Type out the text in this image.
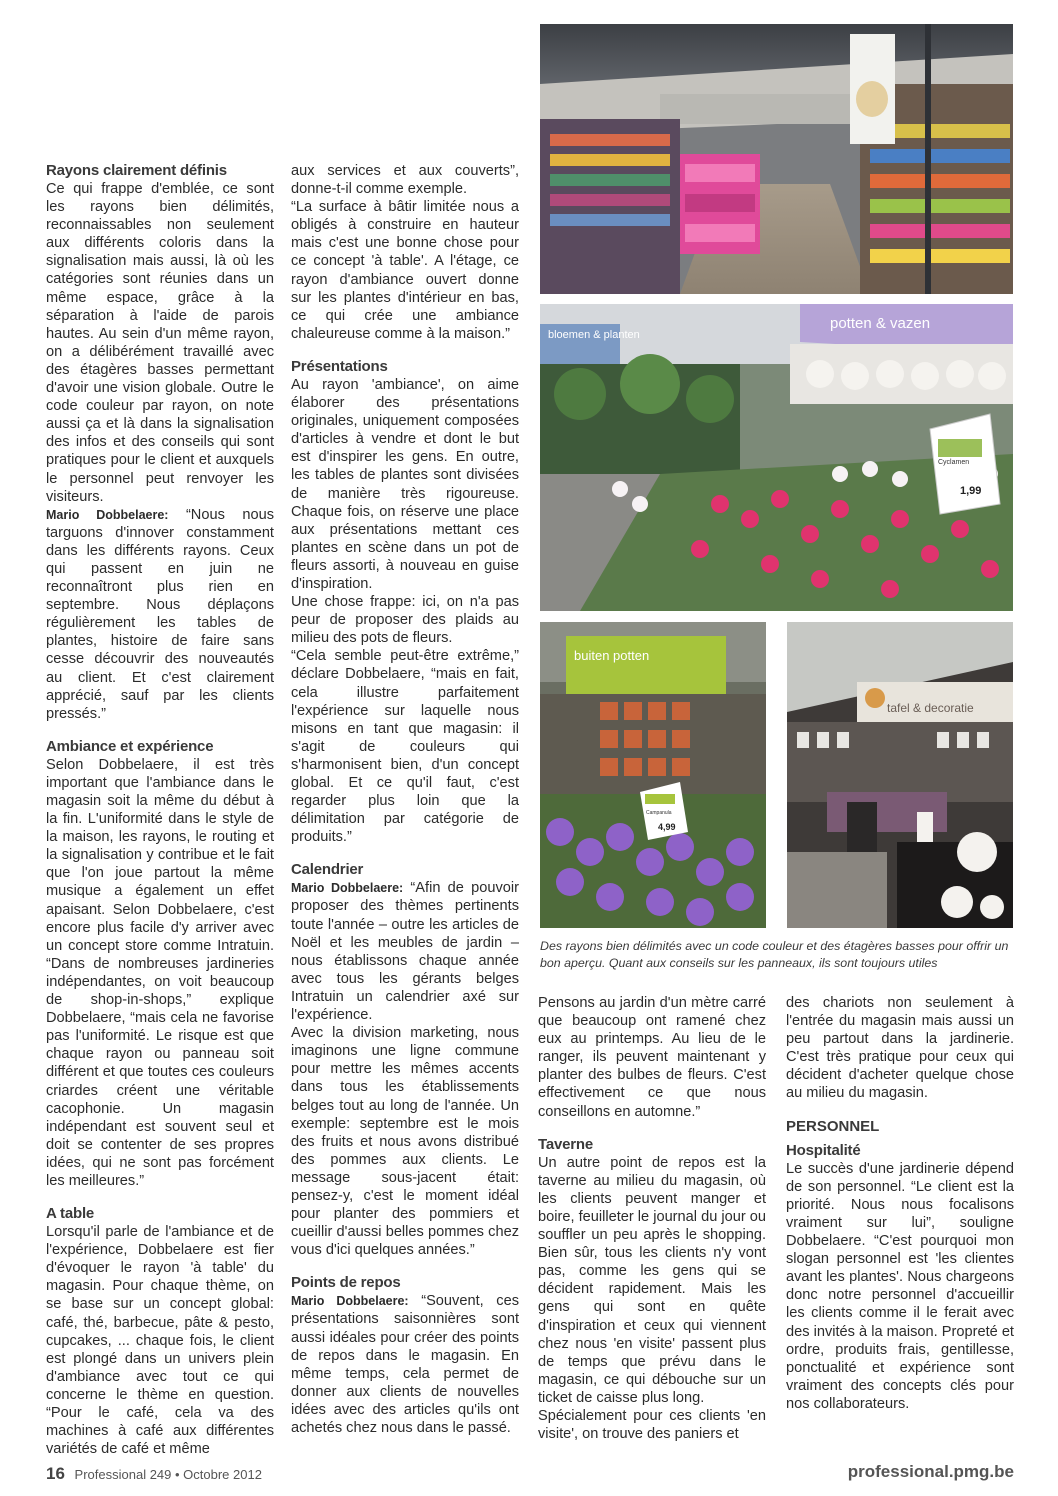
Rayons clairement définis

Ce qui frappe d'emblée, ce sont les rayons bien délimités, reconnaissables non seulement aux différents coloris dans la signalisation mais aussi, là où les catégories sont réunies dans un même espace, grâce à la séparation à l'aide de parois hautes. Au sein d'un même rayon, on a délibérément travaillé avec des étagères basses permettant d'avoir une vision globale. Outre le code couleur par rayon, on note aussi ça et là dans la signalisation des infos et des conseils qui sont pratiques pour le client et auxquels le personnel peut renvoyer les visiteurs.

Mario Dobbelaere: “Nous nous targuons d'innover constamment dans les différents rayons. Ceux qui passent en juin ne reconnaîtront plus rien en septembre. Nous déplaçons régulièrement les tables de plantes, histoire de faire sans cesse découvrir des nouveautés au client. Et c'est clairement apprécié, sauf par les clients pressés.”

Ambiance et expérience

Selon Dobbelaere, il est très important que l'ambiance dans le magasin soit la même du début à la fin. L'uniformité dans le style de la maison, les rayons, le routing et la signalisation y contribue et le fait que l'on joue partout la même musique a également un effet apaisant. Selon Dobbelaere, c'est encore plus facile d'y arriver avec un concept store comme Intratuin. “Dans de nombreuses jardineries indépendantes, on voit beaucoup de shop-in-shops,” explique Dobbelaere, “mais cela ne favorise pas l'uniformité. Le risque est que chaque rayon ou panneau soit différent et que toutes ces couleurs criardes créent une véritable cacophonie. Un magasin indépendant est souvent seul et doit se contenter de ses propres idées, qui ne sont pas forcément les meilleures.”

A table

Lorsqu'il parle de l'ambiance et de l'expérience, Dobbelaere est fier d'évoquer le rayon 'à table' du magasin. Pour chaque thème, on se base sur un concept global: café, thé, barbecue, pâte & pesto, cupcakes, ... chaque fois, le client est plongé dans un univers plein d'ambiance avec tout ce qui concerne le thème en question. “Pour le café, cela va des machines à café aux différentes variétés de café et même

aux services et aux couverts”, donne-t-il comme exemple.

“La surface à bâtir limitée nous a obligés à construire en hauteur mais c'est une bonne chose pour ce concept 'à table'. A l'étage, ce rayon d'ambiance ouvert donne sur les plantes d'intérieur en bas, ce qui crée une ambiance chaleureuse comme à la maison.”

Présentations

Au rayon 'ambiance', on aime élaborer des présentations originales, uniquement composées d'articles à vendre et dont le but est d'inspirer les gens. En outre, les tables de plantes sont divisées de manière très rigoureuse. Chaque fois, on réserve une place aux présentations mettant ces plantes en scène dans un pot de fleurs assorti, à nouveau en guise d'inspiration.

Une chose frappe: ici, on n'a pas peur de proposer des plaids au milieu des pots de fleurs.

“Cela semble peut-être extrême,” déclare Dobbelaere, “mais en fait, cela illustre parfaitement l'expérience sur laquelle nous misons en tant que magasin: il s'agit de couleurs qui s'harmonisent bien, d'un concept global. Et ce qu'il faut, c'est regarder plus loin que la délimitation par catégorie de produits.”

Calendrier

Mario Dobbelaere: “Afin de pouvoir proposer des thèmes pertinents toute l'année – outre les articles de Noël et les meubles de jardin – nous établissons chaque année avec tous les gérants belges Intratuin un calendrier axé sur l'expérience.

Avec la division marketing, nous imaginons une ligne commune pour mettre les mêmes accents dans tous les établissements belges tout au long de l'année. Un exemple: septembre est le mois des fruits et nous avons distribué des pommes aux clients. Le message sous-jacent était: pensez-y, c'est le moment idéal pour planter des pommiers et cueillir d'aussi belles pommes chez vous d'ici quelques années.”

Points de repos

Mario Dobbelaere: “Souvent, ces présentations saisonnières sont aussi idéales pour créer des points de repos dans le magasin. En même temps, cela permet de donner aux clients de nouvelles idées avec des articles qu'ils ont achetés chez nous dans le passé.

potten & vazen
bloemen & planten
Cyclamen
1,99
buiten potten
Campanula
4,99
tafel & decoratie
Des rayons bien délimités avec un code couleur et des étagères basses pour offrir un bon aperçu. Quant aux conseils sur les panneaux, ils sont toujours utiles

Pensons au jardin d'un mètre carré que beaucoup ont ramené chez eux au printemps. Au lieu de le ranger, ils peuvent maintenant y planter des bulbes de fleurs. C'est effectivement ce que nous conseillons en automne.”

Taverne

Un autre point de repos est la taverne au milieu du magasin, où les clients peuvent manger et boire, feuilleter le journal du jour ou souffler un peu après le shopping. Bien sûr, tous les clients n'y vont pas, comme les gens qui se décident rapidement. Mais les gens qui sont en quête d'inspiration et ceux qui viennent chez nous 'en visite' passent plus de temps que prévu dans le magasin, ce qui débouche sur un ticket de caisse plus long.

Spécialement pour ces clients 'en visite', on trouve des paniers et

des chariots non seulement à l'entrée du magasin mais aussi un peu partout dans la jardinerie. C'est très pratique pour ceux qui décident d'acheter quelque chose au milieu du magasin.

PERSONNEL

Hospitalité

Le succès d'une jardinerie dépend de son personnel. “Le client est la priorité. Nous nous focalisons vraiment sur lui”, souligne Dobbelaere. “C'est pourquoi mon slogan personnel est 'les clientes avant les plantes'. Nous chargeons donc notre personnel d'accueillir les clients comme il le ferait avec des invités à la maison. Propreté et ordre, produits frais, gentillesse, ponctualité et expérience sont vraiment des concepts clés pour nos collaborateurs.

16 Professional 249 • Octobre 2012	professional.pmg.be
